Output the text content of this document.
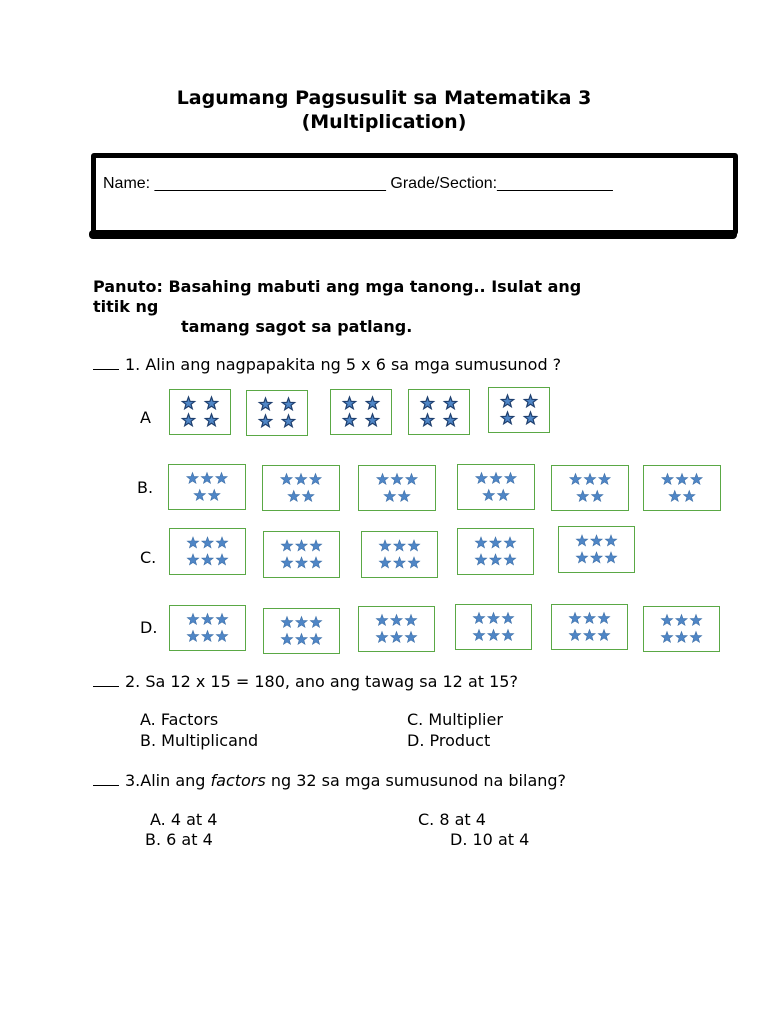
Lagumang Pagsusulit sa Matematika 3
(Multiplication)
Name: __________________________ Grade/Section:_____________
Panuto: Basahing mabuti ang mga tanong.. Isulat ang
titik ng
tamang sagot sa patlang.
1. Alin ang nagpapakita ng 5 x 6 sa mga sumusunod ?
A
B.
C.
D.
2. Sa 12 x 15 = 180, ano ang tawag sa 12 at 15?
A. Factors
B. Multiplicand
C. Multiplier
D. Product
3.Alin ang factors ng 32 sa mga sumusunod na bilang?
A. 4 at 4
B. 6 at 4
C. 8 at 4
D. 10 at 4
